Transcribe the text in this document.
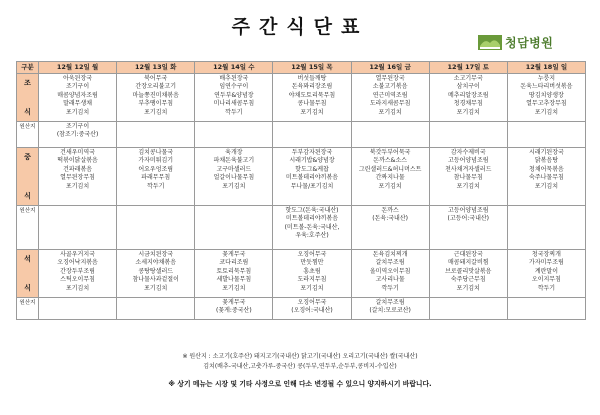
주간식단표
청담병원
구분	12월 12일 월	12월 13일 화	12월 14일 수	12월 15일 목	12월 16일 금	12월 17일 토	12월 18일 일

조
식	아욱된장국
조기구이
매콤양념자조림
말래무생채
포기김치	북어무국
간장오리불고기
마늘쫑진미채볶음
부추땡이무침
포기김치	배추된장국
임연수구이
연두부&양념장
미나리새콤무침
깍두기	버섯들깨탕
돈육꽈리장조림
야채도토리묵무침
콩나물무침
포기김치	열무된장국
소불고기볶음
연근미역조림
도라지새콤무침
포기김치	소고기무국
삼치구이
메추리알장조림
청경채무침
포기김치	누룽지
돈육느타리버섯볶음
땅김치양생장
열무고추장무침
포기김치

원산지	조기구이
(참조기:중국산)						

중
식	건새우미역국
떡볶이닭살볶음
건파래볶음
열무된장무침
포기김치	김치콩나물국
가자미튀김기
어요우엉조림
파래무무침
깍두기	육개장
파채돈육불고기
고구마샐러드
얼갈이나물무침
포기김치	두부감자된장국
시래기밥&양념장
핫도그&케찹
미트볼데리야끼볶음
무나물/포기김치	북갓두부어묵국
돈까스&소스
그린샐러드&허니머스트
간짜지나물
포기김치	감자수제비국
고등어양념조림
천사채겨자샐러드
참나물무침
포기김치	시래기된장국
닭볶음탕
청채어묵볶음
숙주나물무침
포기김치

원산지				핫도그(돈육:국내산)
미트볼데리야끼볶음
(미트볼-돈육:국내산,
우육:호주산)	돈까스
(돈육:국내산)	고등어양념조림
(고등어:국내산)	

석
식	사골우거지국
오징어낙지볶음
간장두부조림
스틱오이무침
포기김치	시금치된장국
소세지야채볶음
콩탕탕샐러드
참나물사과겉절이
포기김치	꽃게무국
코다리조림
토토리묵무침
세발나물무침
포기김치	오징어무국
만둣찜만
흥초림
도라지무침
포기김치	돈육김치찌개
갈치무조림
올미역오이무침
고사리나물
깍두기	근대된장국
매콤돼지갈비찜
브로콜리맛살볶음
숙주당근무침
포기김치	청국장찌개
가자미무조림
계란말이
오이지무침
깍두기

원산지			꽃게무국
(꽃게:중국산)	오징어무국
(오징어:국내산)	갈치무조림
(갈치:모로코산)		

※ 원산지 : 소고기(호주산) 돼지고기(국내산) 닭고기(국내산) 오리고기(국내산) 쌀(국내산)
김치(배추-국내산,고춧가루-중국산) 콩(두부,연두부,순두부,콩비지-수입산)
※ 상기 메뉴는 시장 및 기타 사정으로 인해 다소 변경될 수 있으니 양지하시기 바랍니다.
